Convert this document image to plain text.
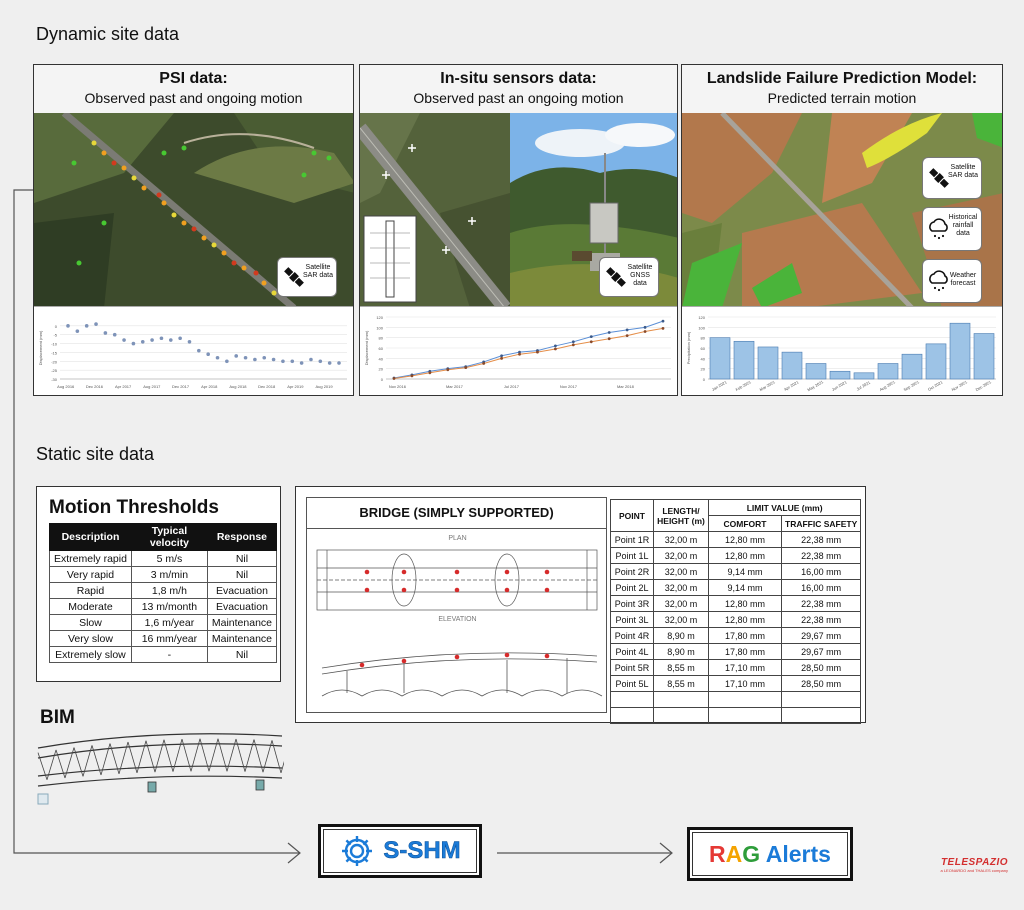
Dynamic site data
Static site data
PSI data:
Observed past and ongoing motion
Satellite SAR data
0
-5
-10
-15
-20
-25
-30
Displacement (mm)
Aug 2016	Dec 2016	Apr 2017	Aug 2017	Dec 2017	Apr 2018	Aug 2018	Dec 2018	Apr 2019	Aug 2019
In-situ sensors data:
Observed past an ongoing motion
Satellite GNSS data
0
20
40
60
80
100
120
Displacement (mm)
Nov 2016	Mar 2017	Jul 2017	Nov 2017	Mar 2018
Landslide Failure Prediction Model:
Predicted terrain motion
Satellite SAR data
Historical rainfall data
Weather forecast
0
20
40
60
80
100
120
Precipitation (mm)
Jan 2021 Feb 2021 Mar 2021 Apr 2021 May 2021 Jun 2021 Jul 2021 Aug 2021 Sep 2021 Oct 2021 Nov 2021 Dec 2021
Motion Thresholds
Description	Typical velocity	Response
Extremely rapid	5 m/s	Nil
Very rapid	3 m/min	Nil
Rapid	1,8 m/h	Evacuation
Moderate	13 m/month	Evacuation
Slow	1,6 m/year	Maintenance
Very slow	16 mm/year	Maintenance
Extremely slow	-	Nil
BRIDGE (SIMPLY SUPPORTED)
PLAN
ELEVATION
POINT	LENGTH/ HEIGHT (m)	LIMIT VALUE (mm)	
		COMFORT	TRAFFIC SAFETY
Point 1R	32,00 m	12,80 mm	22,38 mm
Point 1L	32,00 m	12,80 mm	22,38 mm
Point 2R	32,00 m	9,14 mm	16,00 mm
Point 2L	32,00 m	9,14 mm	16,00 mm
Point 3R	32,00 m	12,80 mm	22,38 mm
Point 3L	32,00 m	12,80 mm	22,38 mm
Point 4R	8,90 m	17,80 mm	29,67 mm
Point 4L	8,90 m	17,80 mm	29,67 mm
Point 5R	8,55 m	17,10 mm	28,50 mm
Point 5L	8,55 m	17,10 mm	28,50 mm

BIM
S-SHM	RAG Alerts	TELESPAZIO
a LEONARDO and THALES company
